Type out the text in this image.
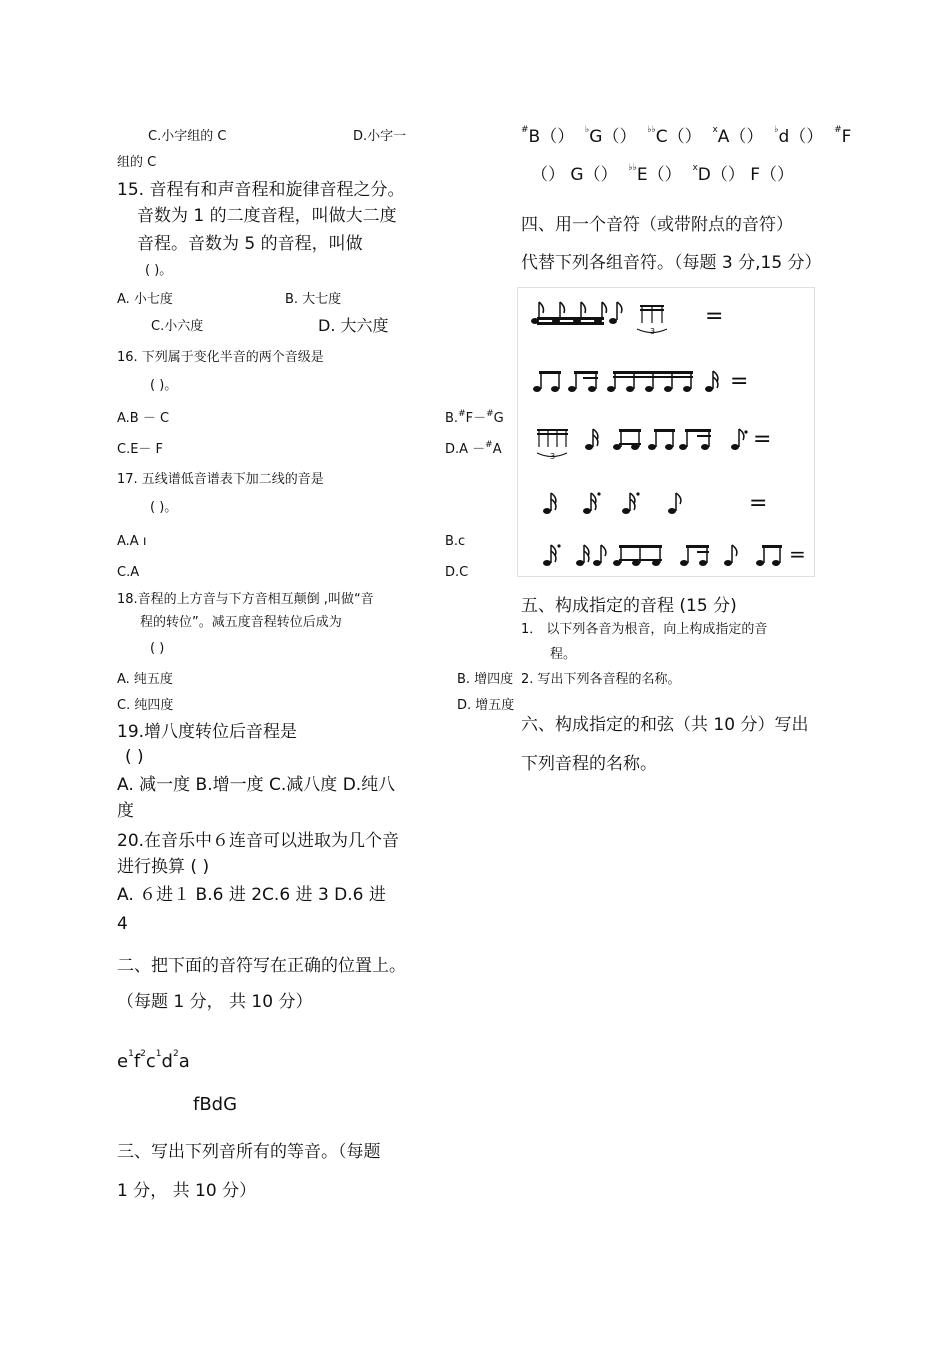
C.小字组的 C	D.小字一
组的 C
15. 音程有和声音程和旋律音程之分。
音数为 1 的二度音程，叫做大二度
音程。音数为 5 的音程，叫做
( )。
A. 小七度	B. 大七度
C.小六度	D. 大六度
16. 下列属于变化半音的两个音级是
( )。
A.B － C	B.#F－#G
C.E－ F	D.A －#A
17. 五线谱低音谱表下加二线的音是
( )。
A.A ı	B.c
C.A	D.C
18.音程的上方音与下方音相互颠倒 ,叫做“音
程的转位”。减五度音程转位后成为
( )
A. 纯五度	B. 增四度
C. 纯四度	D. 增五度
19.增八度转位后音程是
( )
A. 减一度 B.增一度 C.减八度 D.纯八
度
20.在音乐中６连音可以进取为几个音
进行换算 ( )
A. ６进１ B.6 进 2C.6 进 3 D.6 进
4
二、把下面的音符写在正确的位置上。
（每题 1 分， 共 10 分）
$e^1f^2c^1d^2a$
fBdG
三、写出下列音所有的等音。（每题
1 分， 共 10 分）
#B（） ♭G（） ♭♭C（） $^x$A（） ♭d（） #F
（） G（） ♭♭E（） $^x$D（） F（）
四、用一个音符（或带附点的音符）
代替下列各组音符。（每题 3 分,15 分）
3
=
=
3
=
=
=
五、构成指定的音程 (15 分)
1． 以下列各音为根音，向上构成指定的音
程。
2. 写出下列各音程的名称。
六、构成指定的和弦（共 10 分）写出
下列音程的名称。
